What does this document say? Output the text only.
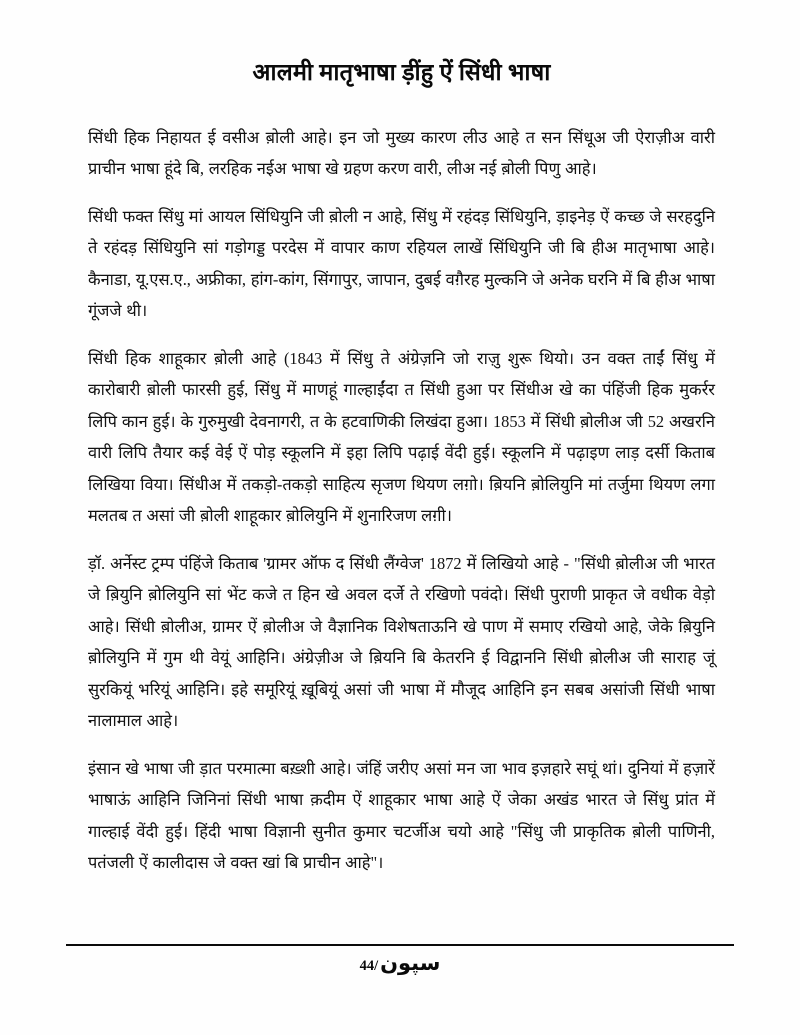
आलमी मातृभाषा ड़ींहु ऐं सिंधी भाषा

सिंधी हिक निहायत ई वसीअ ब़ोली आहे। इन जो मुख्य कारण लीउ आहे त सन सिंधूअ जी ऐराज़ीअ वारी प्राचीन भाषा हूंदे बि, लरहिक नईअ भाषा खे ग्रहण करण वारी, लीअ नई ब़ोली पिणु आहे।

सिंधी फक्त सिंधु मां आयल सिंधियुनि जी ब़ोली न आहे, सिंधु में रहंदड़ सिंधियुनि, ड़ाइनेड़ ऐं कच्छ जे सरहदुनि ते रहंदड़ सिंधियुनि सां गड़ोगड्ड परदेस में वापार काण रहियल लाखें सिंधियुनि जी बि हीअ मातृभाषा आहे। कैनाडा, यू.एस.ए., अफ्रीका, हांग-कांग, सिंगापुर, जापान, दुबई वग़ैरह मुल्कनि जे अनेक घरनि में बि हीअ भाषा गूंजजे थी।

सिंधी हिक शाहूकार ब़ोली आहे (1843 में सिंधु ते अंग्रेज़नि जो राज़ु शुरू थियो। उन वक्त ताईं सिंधु में कारोबारी ब़ोली फारसी हुई, सिंधु में माणहूं गाल्हाईंदा त सिंधी हुआ पर सिंधीअ खे का पंहिंजी हिक मुकर्रर लिपि कान हुई। के गुरुमुखी देवनागरी, त के हटवाणिकी लिखंदा हुआ। 1853 में सिंधी ब़ोलीअ जी 52 अखरनि वारी लिपि तैयार कई वेई ऐं पोड़ स्कूलनि में इहा लिपि पढ़ाई वेंदी हुई। स्कूलनि में पढ़ाइण लाड़ दर्सी किताब लिखिया विया। सिंधीअ में तकड़ो-तकड़ो साहित्य सृजण थियण लग़ो। ब़ियनि ब़ोलियुनि मां तर्जुमा थियण लगा मलतब त असां जी ब़ोली शाहूकार ब़ोलियुनि में शुनारिजण लग़ी।

ड़ॉ. अर्नेस्ट ट्रम्प पंहिंजे किताब 'ग्रामर ऑफ द सिंधी लैंग्वेज' 1872 में लिखियो आहे - "सिंधी ब़ोलीअ जी भारत जे ब़ियुनि ब़ोलियुनि सां भेंट कजे त हिन खे अवल दर्जे ते रखिणो पवंदो। सिंधी पुराणी प्राकृत जे वधीक वेड़ो आहे। सिंधी ब़ोलीअ, ग्रामर ऐं ब़ोलीअ जे वैज्ञानिक विशेषताऊनि खे पाण में समाए रखियो आहे, जेके ब़ियुनि ब़ोलियुनि में गुम थी वेयूं आहिनि। अंग्रेज़ीअ जे ब़ियनि बि केतरनि ई विद्वाननि सिंधी ब़ोलीअ जी साराह जूं सुरकियूं भरियूं आहिनि। इहे समूरियूं ख़ूबियूं असां जी भाषा में मौजूद आहिनि इन सबब असांजी सिंधी भाषा नालामाल आहे।

इंसान खे भाषा जी ड़ात परमात्मा बख़्शी आहे। जंहिं जरीए असां मन जा भाव इज़हारे सघूं थां। दुनियां में हज़ारें भाषाऊं आहिनि जिनिनां सिंधी भाषा क़दीम ऐं शाहूकार भाषा आहे ऐं जेका अखंड भारत जे सिंधु प्रांत में गाल्हाई वेंदी हुई। हिंदी भाषा विज्ञानी सुनीत कुमार चटर्जीअ चयो आहे "सिंधु जी प्राकृतिक ब़ोली पाणिनी, पतंजली ऐं कालीदास जे वक्त खां बि प्राचीन आहे"।

44/ سپون
